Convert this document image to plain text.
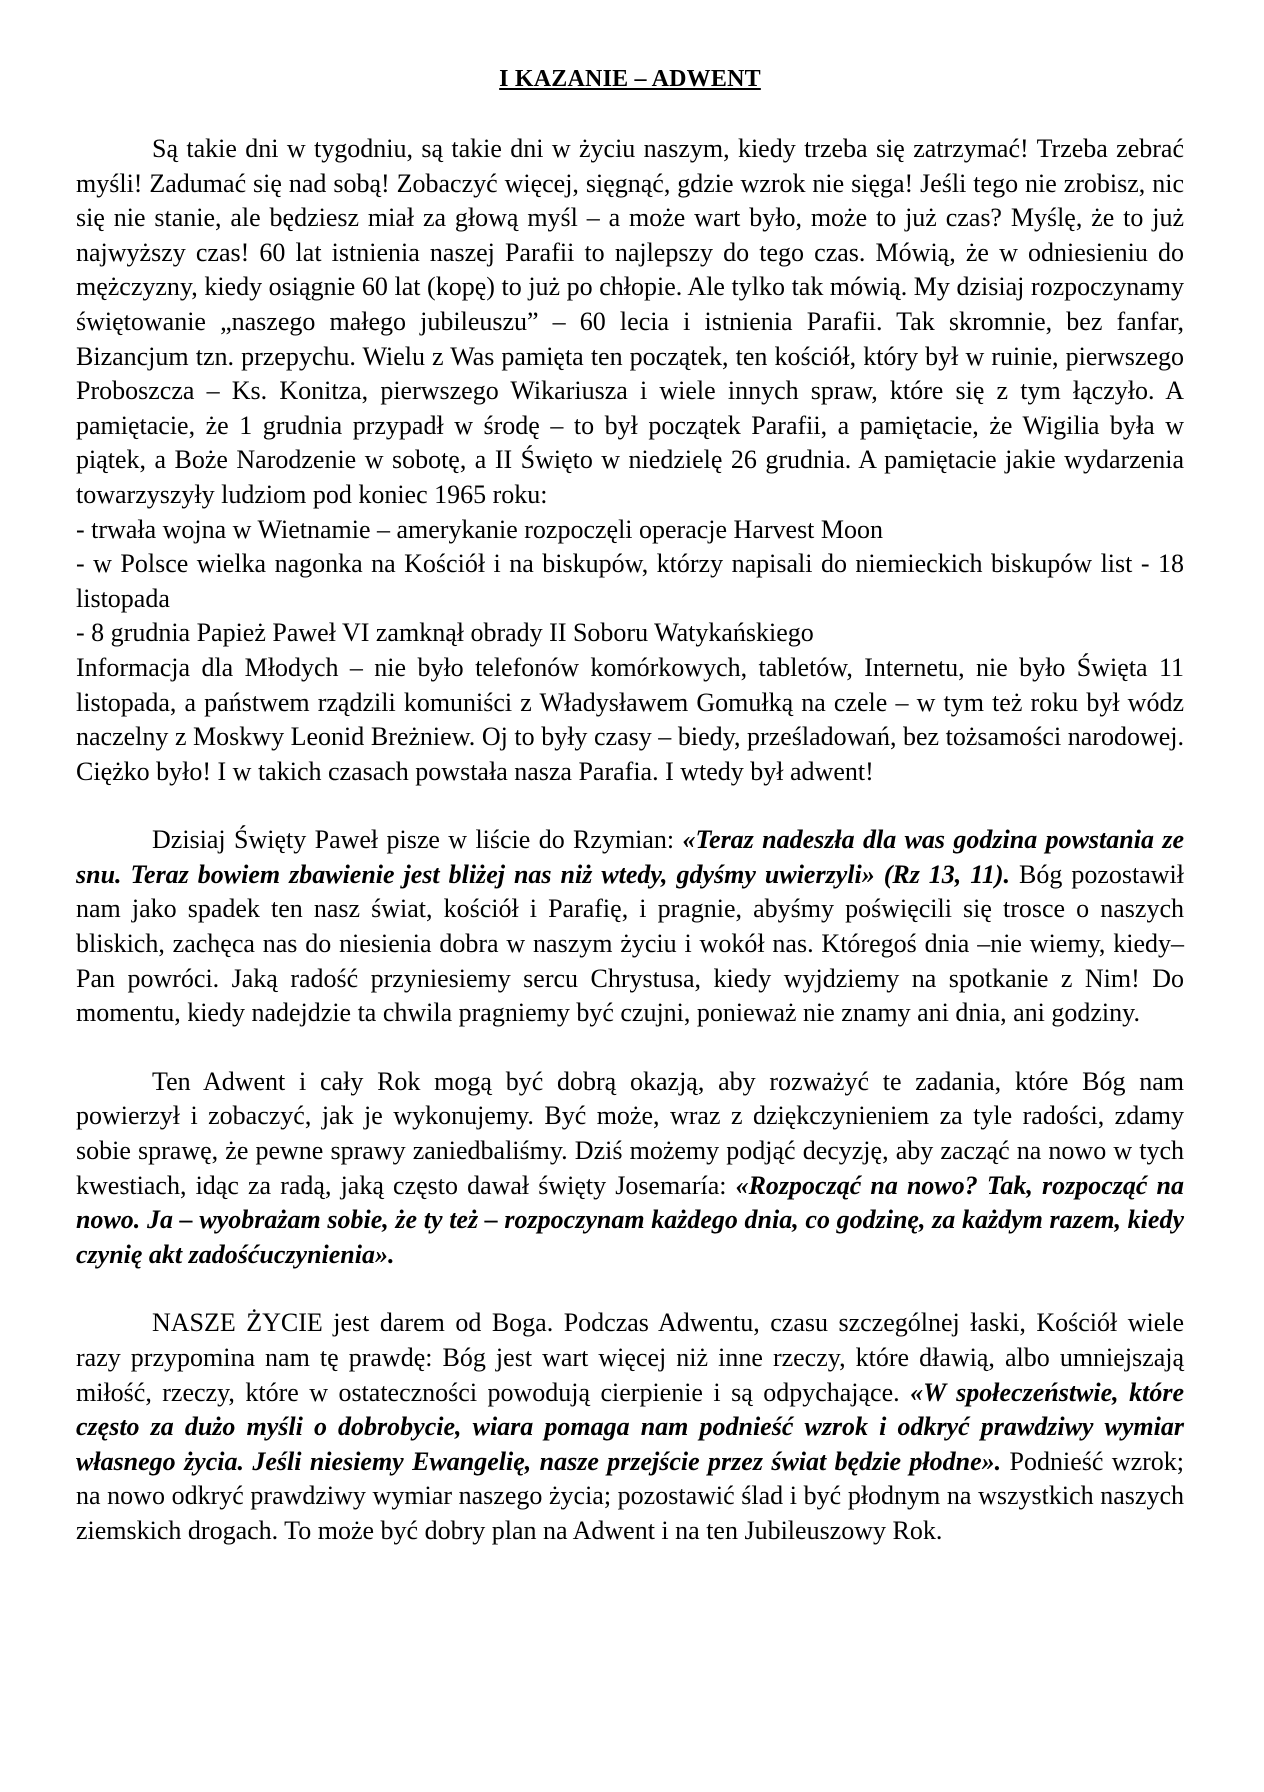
I KAZANIE – ADWENT

Są takie dni w tygodniu, są takie dni w życiu naszym, kiedy trzeba się zatrzymać! Trzeba zebrać myśli! Zadumać się nad sobą! Zobaczyć więcej, sięgnąć, gdzie wzrok nie sięga! Jeśli tego nie zrobisz, nic się nie stanie, ale będziesz miał za głową myśl – a może wart było, może to już czas? Myślę, że to już najwyższy czas! 60 lat istnienia naszej Parafii to najlepszy do tego czas. Mówią, że w odniesieniu do mężczyzny, kiedy osiągnie 60 lat (kopę) to już po chłopie. Ale tylko tak mówią. My dzisiaj rozpoczynamy świętowanie „naszego małego jubileuszu” – 60 lecia i istnienia Parafii. Tak skromnie, bez fanfar, Bizancjum tzn. przepychu. Wielu z Was pamięta ten początek, ten kościół, który był w ruinie, pierwszego Proboszcza – Ks. Konitza, pierwszego Wikariusza i wiele innych spraw, które się z tym łączyło. A pamiętacie, że 1 grudnia przypadł w środę – to był początek Parafii, a pamiętacie, że Wigilia była w piątek, a Boże Narodzenie w sobotę, a II Święto w niedzielę 26 grudnia. A pamiętacie jakie wydarzenia towarzyszyły ludziom pod koniec 1965 roku:

- trwała wojna w Wietnamie – amerykanie rozpoczęli operacje Harvest Moon

- w Polsce wielka nagonka na Kościół i na biskupów, którzy napisali do niemieckich biskupów list - 18 listopada

- 8 grudnia Papież Paweł VI zamknął obrady II Soboru Watykańskiego

Informacja dla Młodych – nie było telefonów komórkowych, tabletów, Internetu, nie było Święta 11 listopada, a państwem rządzili komuniści z Władysławem Gomułką na czele – w tym też roku był wódz naczelny z Moskwy Leonid Breżniew. Oj to były czasy – biedy, prześladowań, bez tożsamości narodowej. Ciężko było! I w takich czasach powstała nasza Parafia. I wtedy był adwent!

Dzisiaj Święty Paweł pisze w liście do Rzymian: «Teraz nadeszła dla was godzina powstania ze snu. Teraz bowiem zbawienie jest bliżej nas niż wtedy, gdyśmy uwierzyli» (Rz 13, 11). Bóg pozostawił nam jako spadek ten nasz świat, kościół i Parafię, i pragnie, abyśmy poświęcili się trosce o naszych bliskich, zachęca nas do niesienia dobra w naszym życiu i wokół nas. Któregoś dnia –nie wiemy, kiedy– Pan powróci. Jaką radość przyniesiemy sercu Chrystusa, kiedy wyjdziemy na spotkanie z Nim! Do momentu, kiedy nadejdzie ta chwila pragniemy być czujni, ponieważ nie znamy ani dnia, ani godziny.

Ten Adwent i cały Rok mogą być dobrą okazją, aby rozważyć te zadania, które Bóg nam powierzył i zobaczyć, jak je wykonujemy. Być może, wraz z dziękczynieniem za tyle radości, zdamy sobie sprawę, że pewne sprawy zaniedbaliśmy. Dziś możemy podjąć decyzję, aby zacząć na nowo w tych kwestiach, idąc za radą, jaką często dawał święty Josemaría: «Rozpocząć na nowo? Tak, rozpocząć na nowo. Ja – wyobrażam sobie, że ty też – rozpoczynam każdego dnia, co godzinę, za każdym razem, kiedy czynię akt zadośćuczynienia».

NASZE ŻYCIE jest darem od Boga. Podczas Adwentu, czasu szczególnej łaski, Kościół wiele razy przypomina nam tę prawdę: Bóg jest wart więcej niż inne rzeczy, które dławią, albo umniejszają miłość, rzeczy, które w ostateczności powodują cierpienie i są odpychające. «W społeczeństwie, które często za dużo myśli o dobrobycie, wiara pomaga nam podnieść wzrok i odkryć prawdziwy wymiar własnego życia. Jeśli niesiemy Ewangelię, nasze przejście przez świat będzie płodne». Podnieść wzrok; na nowo odkryć prawdziwy wymiar naszego życia; pozostawić ślad i być płodnym na wszystkich naszych ziemskich drogach. To może być dobry plan na Adwent i na ten Jubileuszowy Rok.
